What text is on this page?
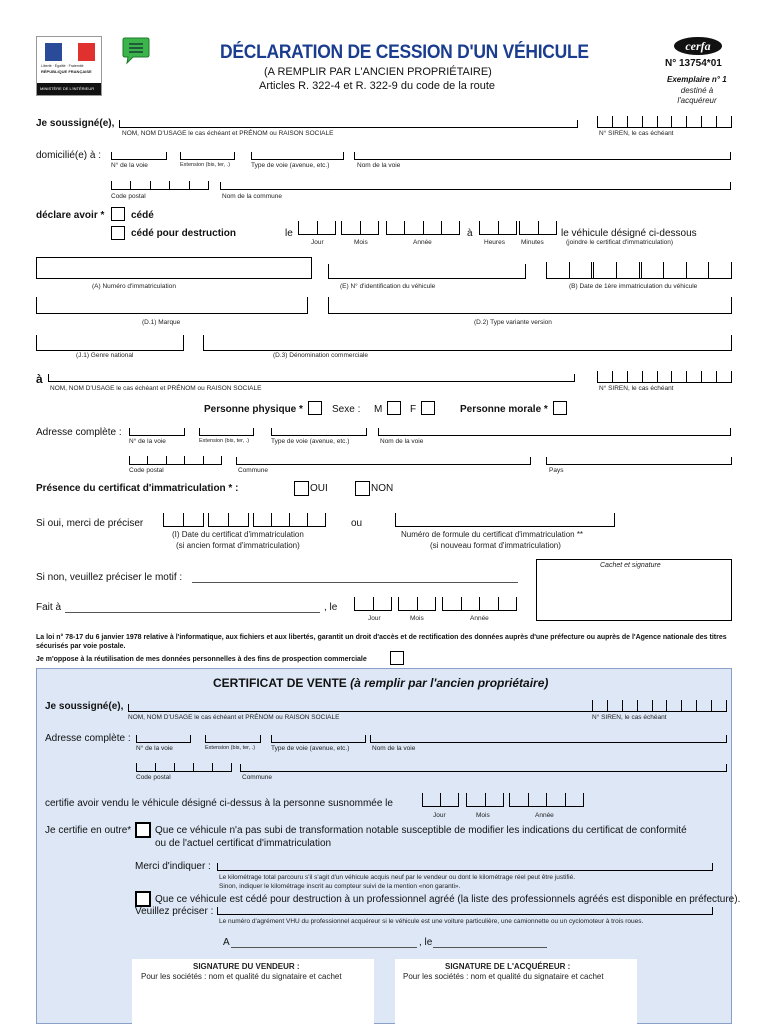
Liberté · Égalité · Fraternité
RÉPUBLIQUE FRANÇAISE
MINISTÈRE DE L'INTÉRIEUR
DÉCLARATION DE CESSION D'UN VÉHICULE
(A REMPLIR PAR L'ANCIEN PROPRIÉTAIRE)
Articles R. 322-4 et R. 322-9 du code de la route
cerfa
N° 13754*01
Exemplaire n° 1
destiné à l'acquéreur
Je soussigné(e),
NOM, NOM D'USAGE le cas échéant et PRÉNOM ou RAISON SOCIALE	N° SIREN, le cas échéant
domicilié(e) à :
N° de la voie	Extension (bis, ter, .)	Type de voie (avenue, etc.)	Nom de la voie
Code postal	Nom de la commune
déclare avoir *	cédé
cédé pour destruction	le
Jour	Mois	Année
à
Heures Minutes
le véhicule désigné ci-dessous
(joindre le certificat d'immatriculation)
(A) Numéro d'immatriculation	(E) N° d'identification du véhicule	(B) Date de 1ère immatriculation du véhicule
(D.1) Marque	(D.2) Type variante version
(J.1) Genre national	(D.3) Dénomination commerciale
à
NOM, NOM D'USAGE le cas échéant et PRÉNOM ou RAISON SOCIALE	N° SIREN, le cas échéant
Personne physique *	Sexe : M	F	Personne morale *
Adresse complète :
N° de la voie	Extension (bis, ter, .)	Type de voie (avenue, etc.)	Nom de la voie
Code postal	Commune	Pays
Présence du certificat d'immatriculation * :	OUI	NON
Si oui, merci de préciser
(I) Date du certificat d'immatriculation
(si ancien format d'immatriculation)
ou
Numéro de formule du certificat d'immatriculation **
(si nouveau format d'immatriculation)
Si non, veuillez préciser le motif :
Cachet et signature
Fait à	, le
Jour	Mois	Année
La loi n° 78-17 du 6 janvier 1978 relative à l'informatique, aux fichiers et aux libertés, garantit un droit d'accès et de rectification des données auprès d'une préfecture ou auprès de l'Agence nationale des titres sécurisés par voie postale.
Je m'oppose à la réutilisation de mes données personnelles à des fins de prospection commerciale
CERTIFICAT DE VENTE (à remplir par l'ancien propriétaire)
Je soussigné(e),
NOM, NOM D'USAGE le cas échéant et PRÉNOM ou RAISON SOCIALE	N° SIREN, le cas échéant
Adresse complète :
N° de la voie	Extension (bis, ter, .) Type de voie (avenue, etc.)	Nom de la voie
Code postal	Commune
certifie avoir vendu le véhicule désigné ci-dessus à la personne susnommée le
Jour	Mois	Année
Je certifie en outre* Que ce véhicule n'a pas subi de transformation notable susceptible de modifier les indications du certificat de conformité
ou de l'actuel certificat d'immatriculation
Merci d'indiquer :
Le kilométrage total parcouru s'il s'agit d'un véhicule acquis neuf par le vendeur ou dont le kilométrage réel peut être justifié.
Sinon, indiquer le kilométrage inscrit au compteur suivi de la mention «non garanti».
Que ce véhicule est cédé pour destruction à un professionnel agréé (la liste des professionnels agréés est disponible en préfecture).
Veuillez préciser :
Le numéro d'agrément VHU du professionnel acquéreur si le véhicule est une voiture particulière, une camionnette ou un cyclomoteur à trois roues.
A	, le
SIGNATURE DU VENDEUR :
Pour les sociétés : nom et qualité du signataire et cachet
SIGNATURE DE L'ACQUÉREUR :
Pour les sociétés : nom et qualité du signataire et cachet
